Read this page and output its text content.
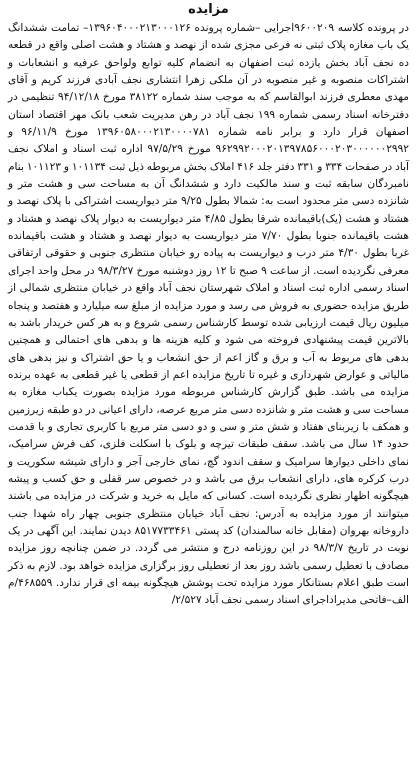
مزایده

در پرونده کلاسه ۹۶۰۰۲۰۹اجرایی –شماره پرونده ۱۳۹۶۰۴۰۰۰۲۱۳۰۰۰۱۲۶– تمامت ششدانگ یک باب مغازه پلاک ثبتی نه فرعی مجزی شده از نهصد و هشتاد و هشت اصلی واقع در قطعه ده نجف آباد بخش یازده ثبت اصفهان به انضمام کلیه توابع ولواحق عرفیه و انشعابات و اشتراکات منصوبه و غیر منصوبه در آن ملکی زهرا انتشاری نجف آبادی فرزند کریم و آقای مهدی معطری فرزند ابوالقاسم که به موجب سند شماره ۳۸۱۲۲ مورخ ۹۴/۱۲/۱۸ تنظیمی در دفترخانه اسناد رسمی شماره ۱۹۹ نجف آباد در رهن مدیریت شعب بانک مهر اقتصاد استان اصفهان قرار دارد و برابر نامه شماره ۱۳۹۶۰۵۸۰۰۰۲۱۳۰۰۰۰۷۸۱ مورخ ۹۶/۱۱/۹ و ۹۶۲۹۹۲۰۰۰۲۰۱۳۹۷۸۵۶۰۰۰۲۰۳۰۰۰۰۰۰۲۹۹۲ مورخ ۹۷/۵/۲۹ اداره ثبت اسناد و املاک نجف آباد در صفحات ۳۳۴ و ۳۳۱ دفتر جلد ۴۱۶ املاک بخش مربوطه ذیل ثبت ۱۰۱۱۳۴ و ۱۰۱۱۲۳ بنام نامبردگان سابقه ثبت و سند مالکیت دارد و ششدانگ آن به مساحت سی و هشت متر و شانزده دسی متر محدود است به: شمالا بطول ۹/۲۵ متر دیواریست اشتراکی با پلاک نهصد و هشتاد و هشت (یک)باقیمانده شرقا بطول ۴/۸۵ متر دیواریست به دیوار پلاک نهصد و هشتاد و هشت باقیمانده جنوبا بطول ۷/۷۰ متر دیواریست به دیوار نهصد و هشتاد و هشت باقیمانده غربا بطول ۴/۳۰ متر درب و دیواریست به پیاده رو خیابان منتظری جنوبی و حقوقی ارتفاقی معرفی نگردیده است. از ساعت ۹ صبح تا ۱۲ روز دوشنبه مورخ ۹۸/۳/۲۷ در محل واحد اجرای اسناد رسمی اداره ثبت اسناد و املاک شهرستان نجف آباد واقع در خیابان منتظری شمالی از طریق مزایده حضوری به فروش می رسد و مورد مزایده از مبلغ سه میلیارد و هفتصد و پنجاه میلیون ریال قیمت ارزیابی شده توسط کارشناس رسمی شروع و به هر کس خریدار باشد به بالاترین قیمت پیشنهادی فروخته می شود و کلیه هزینه ها و بدهی های احتمالی و همچنین بدهی های مربوط به آب و برق و گاز اعم از حق انشعاب و یا حق اشتراک و نیز بدهی های مالیاتی و عوارض شهرداری و غیره تا تاریخ مزایده اعم از قطعی یا غیر قطعی به عهده برنده مزایده می باشد. طبق گزارش کارشناس مربوطه مورد مزایده بصورت یکباب مغازه به مساحت سی و هشت متر و شانزده دسی متر مربع عرصه، دارای اعیانی در دو طبقه زیرزمین و همکف با زیربنای هفتاد و شش متر و سی و دو دسی متر مربع با کاربری تجاری و با قدمت حدود ۱۴ سال می باشد. سقف طبقات تیرچه و بلوک با اسکلت فلزی، کف فرش سرامیک، نمای داخلی دیوارها سرامیک و سقف اندود گچ، نمای خارجی آجر و دارای شیشه سکوریت و درب کرکره های، دارای انشعاب برق می باشد و در خصوص سر قفلی و حق کسب و پیشه هیچگونه اظهار نظری نگردیده است. کسانی که مایل به خرید و شرکت در مزایده می باشند میتوانند از مورد مزایده به آدرس: نجف آباد خیابان منتظری جنوبی چهار راه شهدا جنب داروخانه بهروان (مقابل خانه سالمندان) کد پستی ۸۵۱۷۷۳۳۴۶۱ دیدن نمایند. این آگهی در یک نوبت در تاریخ ۹۸/۳/۷ در این روزنامه درج و منتشر می گردد. در ضمن چنانچه روز مزایده مصادف با تعطیل رسمی باشد روز بعد از تعطیلی روز برگزاری مزایده خواهد بود. لازم به ذکر است طبق اعلام بستانکار مورد مزایده تحت پوشش هیچگونه بیمه ای قرار ندارد. ۴۶۸۵۵۹/م الف–فاتحی مدیراداجرای اسناد رسمی نجف آباد ۲/۵۲۷/
